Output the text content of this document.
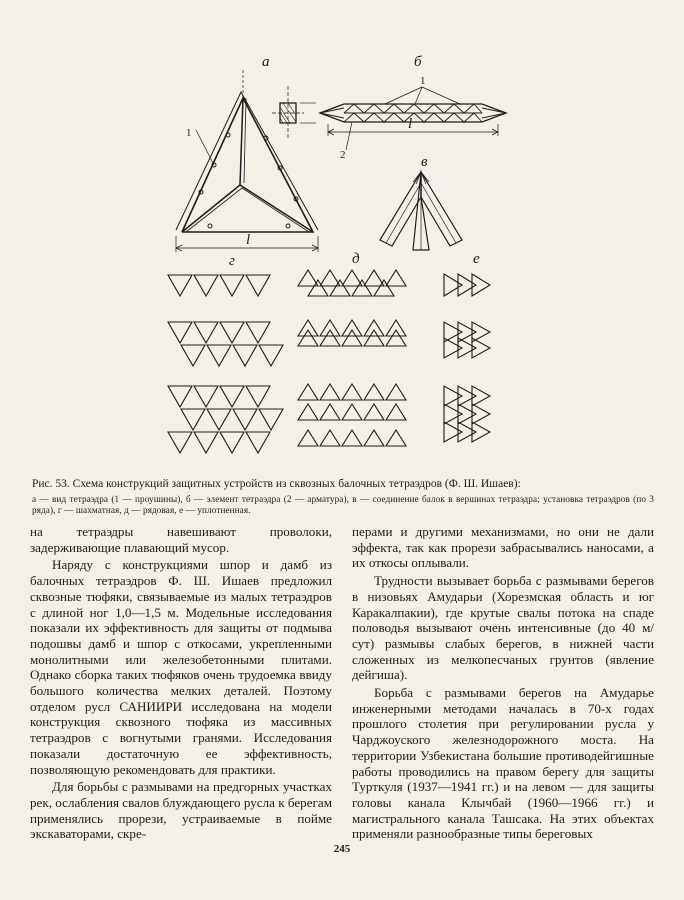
а	б
в
г	д	е
1
1
2
l
l
Рис. 53. Схема конструкций защитных устройств из сквозных балочных тетраэдров (Ф. Ш. Ишаев):
а — вид тетраэдра (1 — проушины), б — элемент тетраэдра (2 — арматура), в — соединение балок в вершинах тетраэдра; установка тетраэдров (по 3 ряда), г — шахматная, д — рядовая, е — уплотненная.

на тетраэдры навешивают проволоки, задерживающие плавающий мусор.

Наряду с конструкциями шпор и дамб из балочных тетраэдров Ф. Ш. Ишаев предложил сквозные тюфяки, связываемые из малых тетраэдров с длиной ног 1,0—1,5 м. Модельные исследования показали их эффективность для защиты от подмыва подошвы дамб и шпор с откосами, укрепленными монолитными или железобетонными плитами. Однако сборка таких тюфяков очень трудоемка ввиду большого количества мелких деталей. Поэтому отделом русл САНИИРИ исследована на модели конструкция сквозного тюфяка из массивных тетраэдров с вогнутыми гранями. Исследования показали достаточную ее эффективность, позволяющую рекомендовать для практики.

Для борьбы с размывами на предгорных участках рек, ослабления свалов блуждающего русла к берегам применялись прорези, устраиваемые в пойме экскаваторами, скре-

перами и другими механизмами, но они не дали эффекта, так как прорези забрасывались наносами, а их откосы оплывали.

Трудности вызывает борьба с размывами берегов в низовьях Амударьи (Хорезмская область и юг Каракалпакии), где крутые свалы потока на спаде половодья вызывают очень интенсивные (до 40 м/сут) размывы слабых берегов, в нижней части сложенных из мелкопесчаных грунтов (явление дейгиша).

Борьба с размывами берегов на Амударье инженерными методами началась в 70-х годах прошлого столетия при регулировании русла у Чарджоуского железнодорожного моста. На территории Узбекистана большие противодейгишные работы проводились на правом берегу для защиты Турткуля (1937—1941 гг.) и на левом — для защиты головы канала Клычбай (1960—1966 гг.) и магистрального канала Ташсака. На этих объектах применяли разнообразные типы береговых

245
